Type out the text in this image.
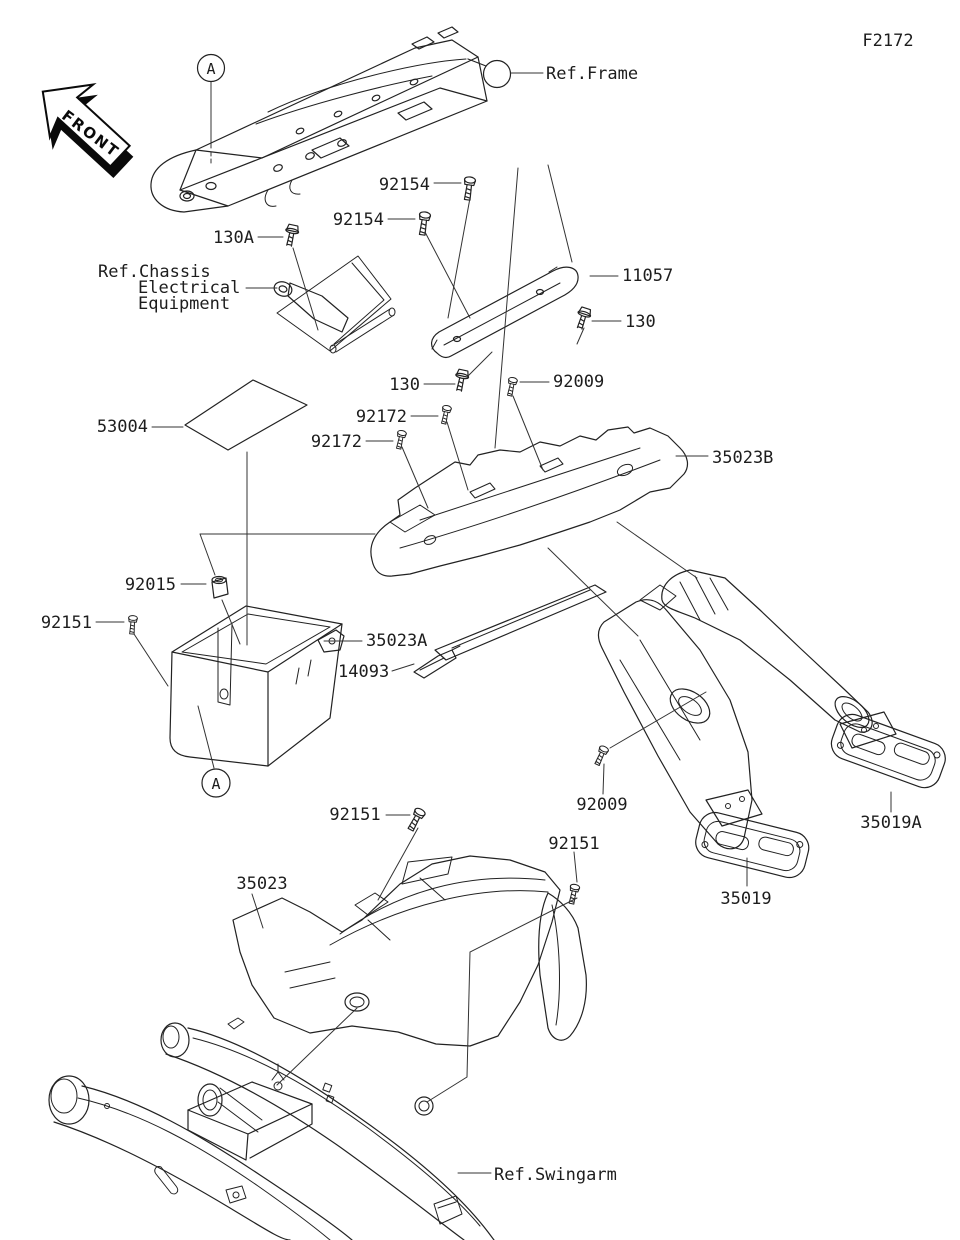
FRONT
F2172
A
A
Ref.Frame
92154
92154
130A
Ref.Chassis
Electrical
Equipment
11057
130
92009
130
92172
92172
53004
35023B
92015
92151
35023A
14093
92009
35019A
35019
92151
92151
35023
Ref.Swingarm
